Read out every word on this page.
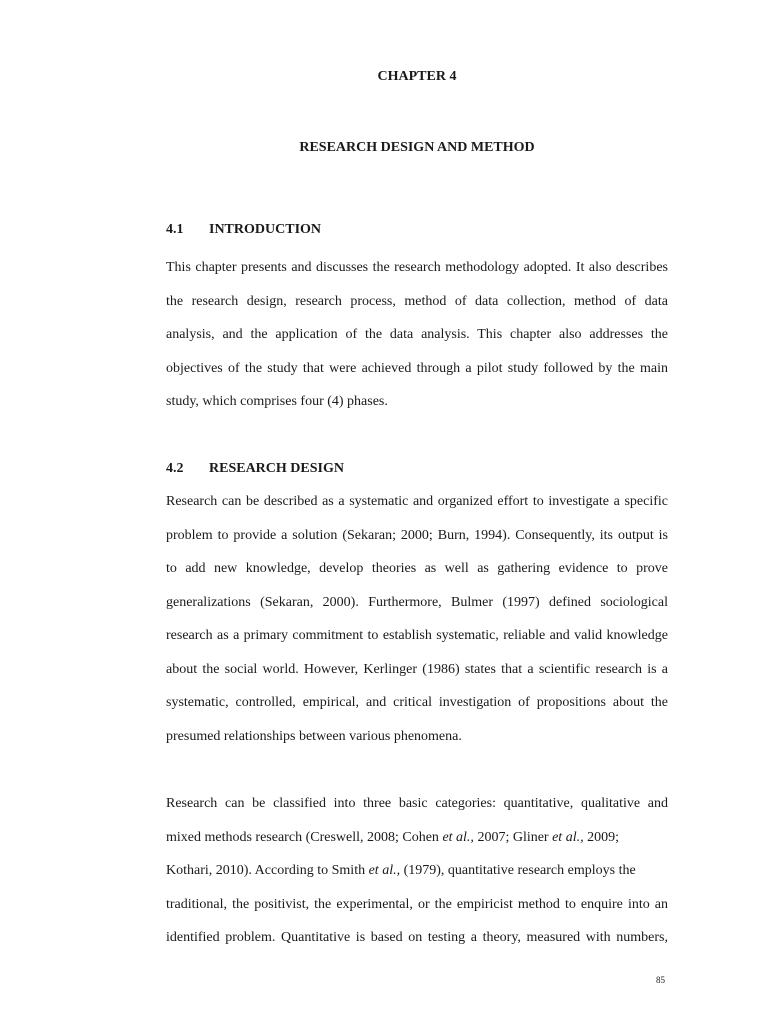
CHAPTER 4
RESEARCH DESIGN AND METHOD
4.1 INTRODUCTION
This chapter presents and discusses the research methodology adopted. It also describes
the research design, research process, method of data collection, method of data
analysis, and the application of the data analysis. This chapter also addresses the
objectives of the study that were achieved through a pilot study followed by the main
study, which comprises four (4) phases.
4.2 RESEARCH DESIGN
Research can be described as a systematic and organized effort to investigate a specific
problem to provide a solution (Sekaran; 2000; Burn, 1994). Consequently, its output is
to add new knowledge, develop theories as well as gathering evidence to prove
generalizations (Sekaran, 2000). Furthermore, Bulmer (1997) defined sociological
research as a primary commitment to establish systematic, reliable and valid knowledge
about the social world. However, Kerlinger (1986) states that a scientific research is a
systematic, controlled, empirical, and critical investigation of propositions about the
presumed relationships between various phenomena.
Research can be classified into three basic categories: quantitative, qualitative and
mixed methods research (Creswell, 2008; Cohen et al., 2007; Gliner et al., 2009;
Kothari, 2010). According to Smith et al., (1979), quantitative research employs the
traditional, the positivist, the experimental, or the empiricist method to enquire into an
identified problem. Quantitative is based on testing a theory, measured with numbers,
85
